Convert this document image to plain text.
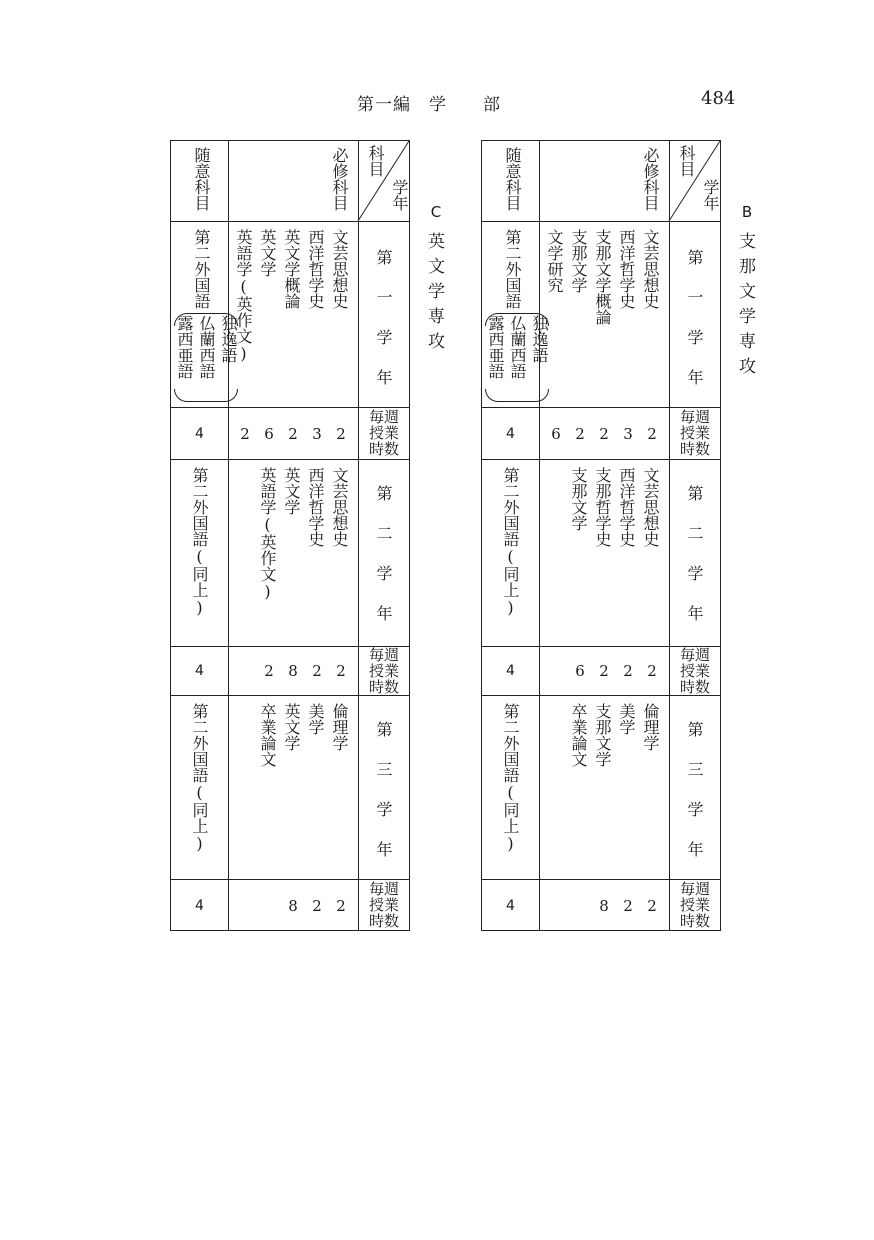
第一編　学　　部	484
C
英文学専攻
B
支那文学専攻
学年
科目
必修科目
随意科目
第一学年
文芸思想史
西洋哲学史
英文学概論
英文学
英語学(英作文)
第二外国語
独逸語
仏蘭西語
露西亜語
毎週
授業
時数
23262
4
第二学年
文芸思想史
西洋哲学史
英文学
英語学(英作文)
第二外国語(同上)
毎週
授業
時数
2282
4
第三学年
倫理学
美学
英文学
卒業論文
第二外国語(同上)
毎週
授業
時数
228
4
学年
科目
必修科目
随意科目
第一学年
文芸思想史
西洋哲学史
支那文学概論
支那文学
文学研究
第二外国語
独逸語
仏蘭西語
露西亜語
毎週
授業
時数
23226
4
第二学年
文芸思想史
西洋哲学史
支那哲学史
支那文学
第二外国語(同上)
毎週
授業
時数
2226
4
第三学年
倫理学
美学
支那文学
卒業論文
第二外国語(同上)
毎週
授業
時数
228
4
